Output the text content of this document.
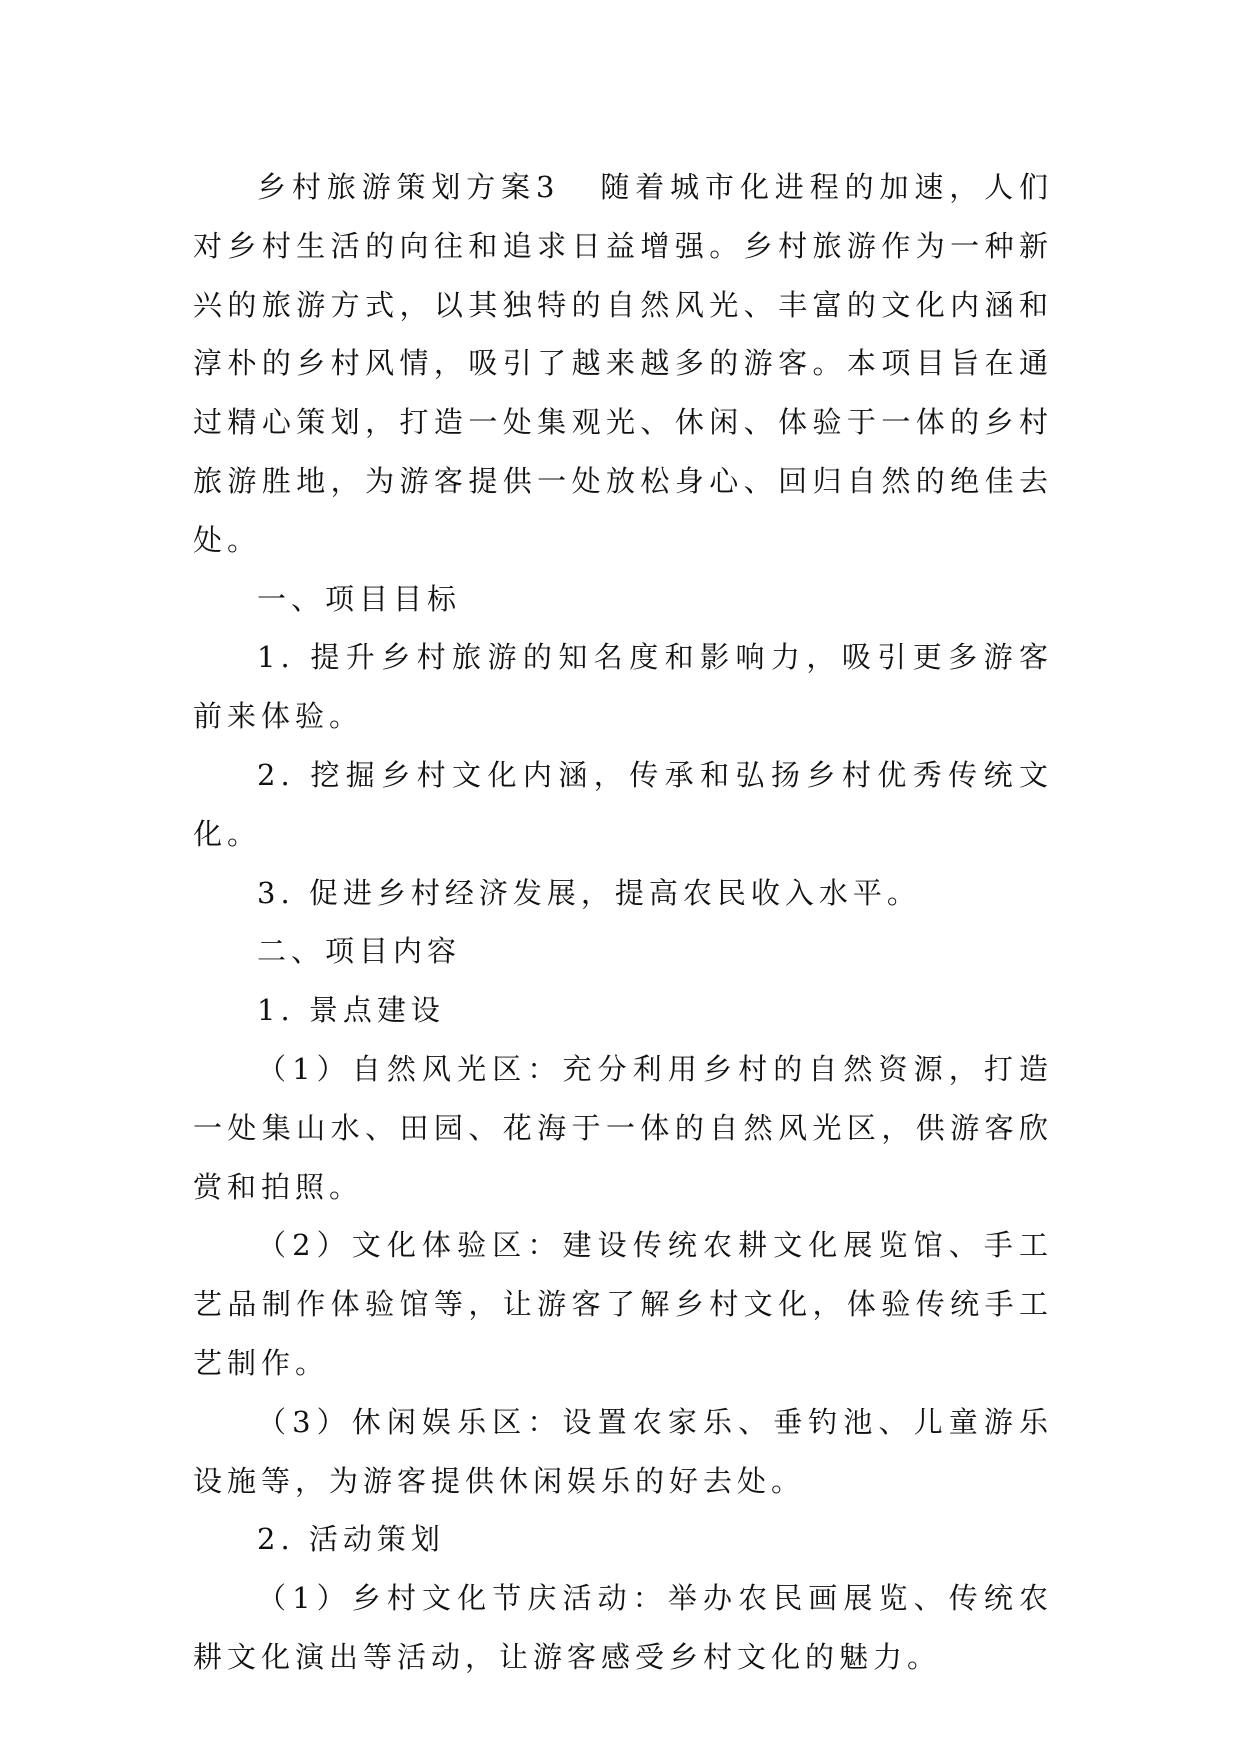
乡村旅游策划方案3 随着城市化进程的加速，人们对乡村生活的向往和追求日益增强。乡村旅游作为一种新兴的旅游方式，以其独特的自然风光、丰富的文化内涵和淳朴的乡村风情，吸引了越来越多的游客。本项目旨在通过精心策划，打造一处集观光、休闲、体验于一体的乡村旅游胜地，为游客提供一处放松身心、回归自然的绝佳去处。

一、项目目标

1. 提升乡村旅游的知名度和影响力，吸引更多游客前来体验。

2. 挖掘乡村文化内涵，传承和弘扬乡村优秀传统文化。

3. 促进乡村经济发展，提高农民收入水平。

二、项目内容

1. 景点建设

（1）自然风光区：充分利用乡村的自然资源，打造一处集山水、田园、花海于一体的自然风光区，供游客欣赏和拍照。

（2）文化体验区：建设传统农耕文化展览馆、手工艺品制作体验馆等，让游客了解乡村文化，体验传统手工艺制作。

（3）休闲娱乐区：设置农家乐、垂钓池、儿童游乐设施等，为游客提供休闲娱乐的好去处。

2. 活动策划

（1）乡村文化节庆活动：举办农民画展览、传统农耕文化演出等活动，让游客感受乡村文化的魅力。
